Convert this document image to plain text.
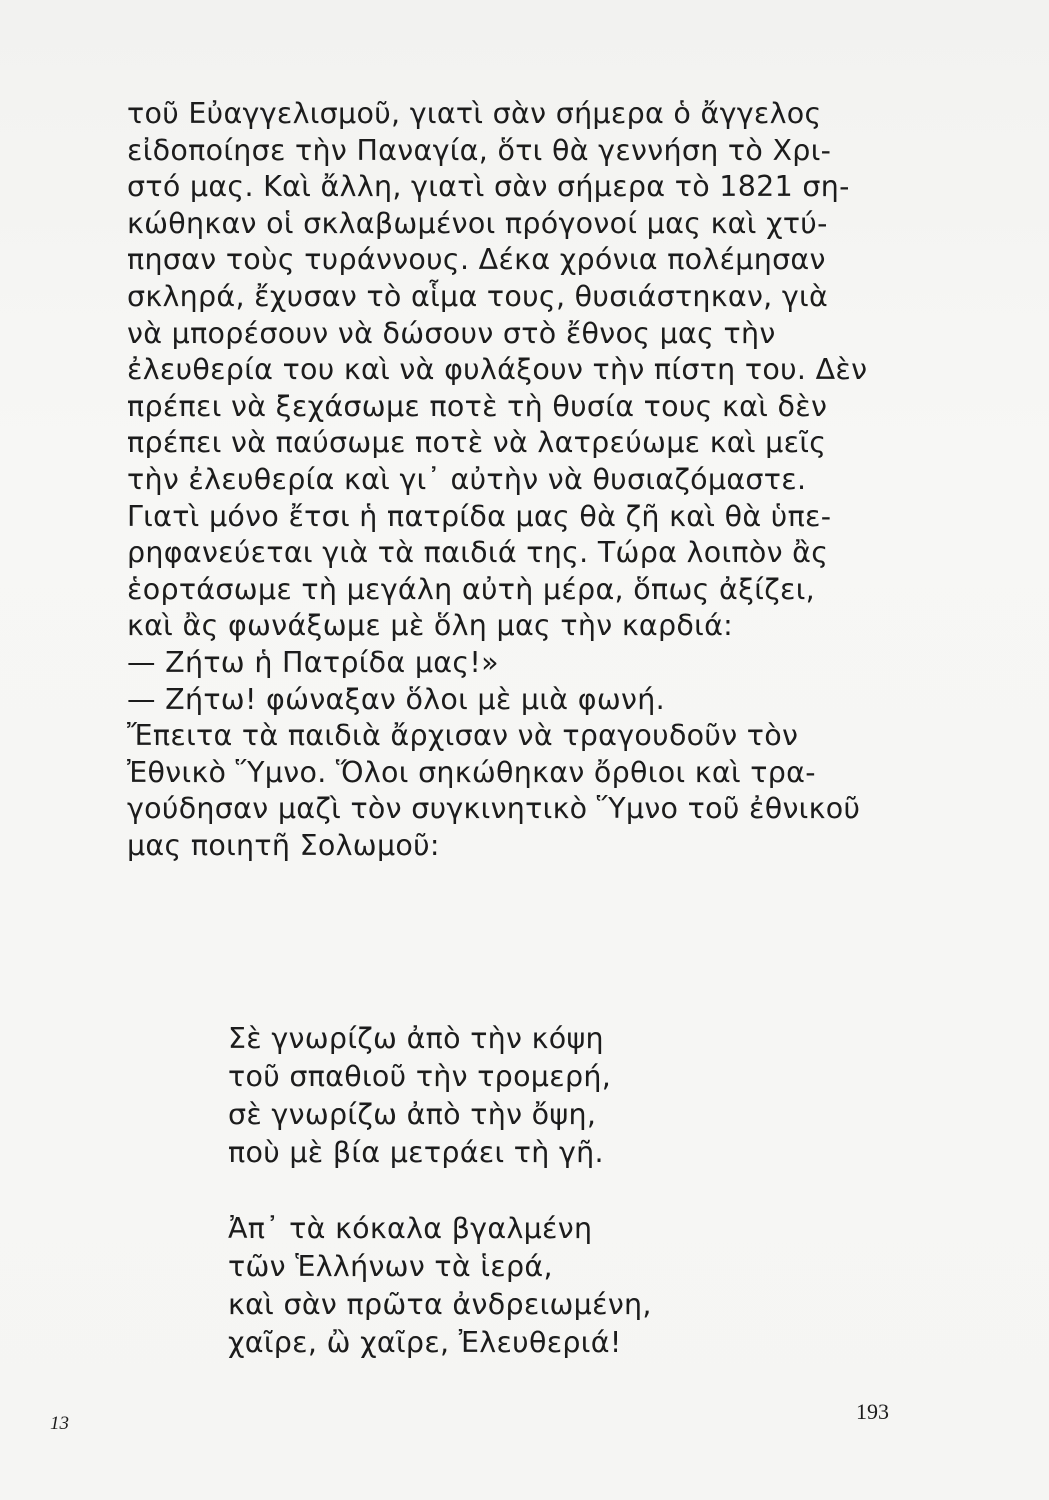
τοῦ Εὐαγγελισμοῦ, γιατὶ σὰν σήμερα ὁ ἄγγελος
εἰδοποίησε τὴν Παναγία, ὅτι θὰ γεννήση τὸ Χρι-
στό μας. Καὶ ἄλλη, γιατὶ σὰν σήμερα τὸ 1821 ση-
κώθηκαν οἱ σκλαβωμένοι πρόγονοί μας καὶ χτύ-
πησαν τοὺς τυράννους. Δέκα χρόνια πολέμησαν
σκληρά, ἔχυσαν τὸ αἷμα τους, θυσιάστηκαν, γιὰ
νὰ μπορέσουν νὰ δώσουν στὸ ἔθνος μας τὴν
ἐλευθερία του καὶ νὰ φυλάξουν τὴν πίστη του. Δὲν
πρέπει νὰ ξεχάσωμε ποτὲ τὴ θυσία τους καὶ δὲν
πρέπει νὰ παύσωμε ποτὲ νὰ λατρεύωμε καὶ μεῖς
τὴν ἐλευθερία καὶ γι᾽ αὐτὴν νὰ θυσιαζόμαστε.
Γιατὶ μόνο ἔτσι ἡ πατρίδα μας θὰ ζῆ καὶ θὰ ὑπε-
ρηφανεύεται γιὰ τὰ παιδιά της. Τώρα λοιπὸν ἂς
ἑορτάσωμε τὴ μεγάλη αὐτὴ μέρα, ὅπως ἀξίζει,
καὶ ἂς φωνάξωμε μὲ ὅλη μας τὴν καρδιά:
— Ζήτω ἡ Πατρίδα μας!»
— Ζήτω! φώναξαν ὅλοι μὲ μιὰ φωνή.
Ἔπειτα τὰ παιδιὰ ἄρχισαν νὰ τραγουδοῦν τὸν
Ἐθνικὸ Ὕμνο. Ὅλοι σηκώθηκαν ὄρθιοι καὶ τρα-
γούδησαν μαζὶ τὸν συγκινητικὸ Ὕμνο τοῦ ἐθνικοῦ
μας ποιητῆ Σολωμοῦ:
Σὲ γνωρίζω ἀπὸ τὴν κόψη
τοῦ σπαθιοῦ τὴν τρομερή,
σὲ γνωρίζω ἀπὸ τὴν ὄψη,
ποὺ μὲ βία μετράει τὴ γῆ.
Ἀπ᾽ τὰ κόκαλα βγαλμένη
τῶν Ἑλλήνων τὰ ἱερά,
καὶ σὰν πρῶτα ἀνδρειωμένη,
χαῖρε, ὢ χαῖρε, Ἐλευθεριά!
13	193
